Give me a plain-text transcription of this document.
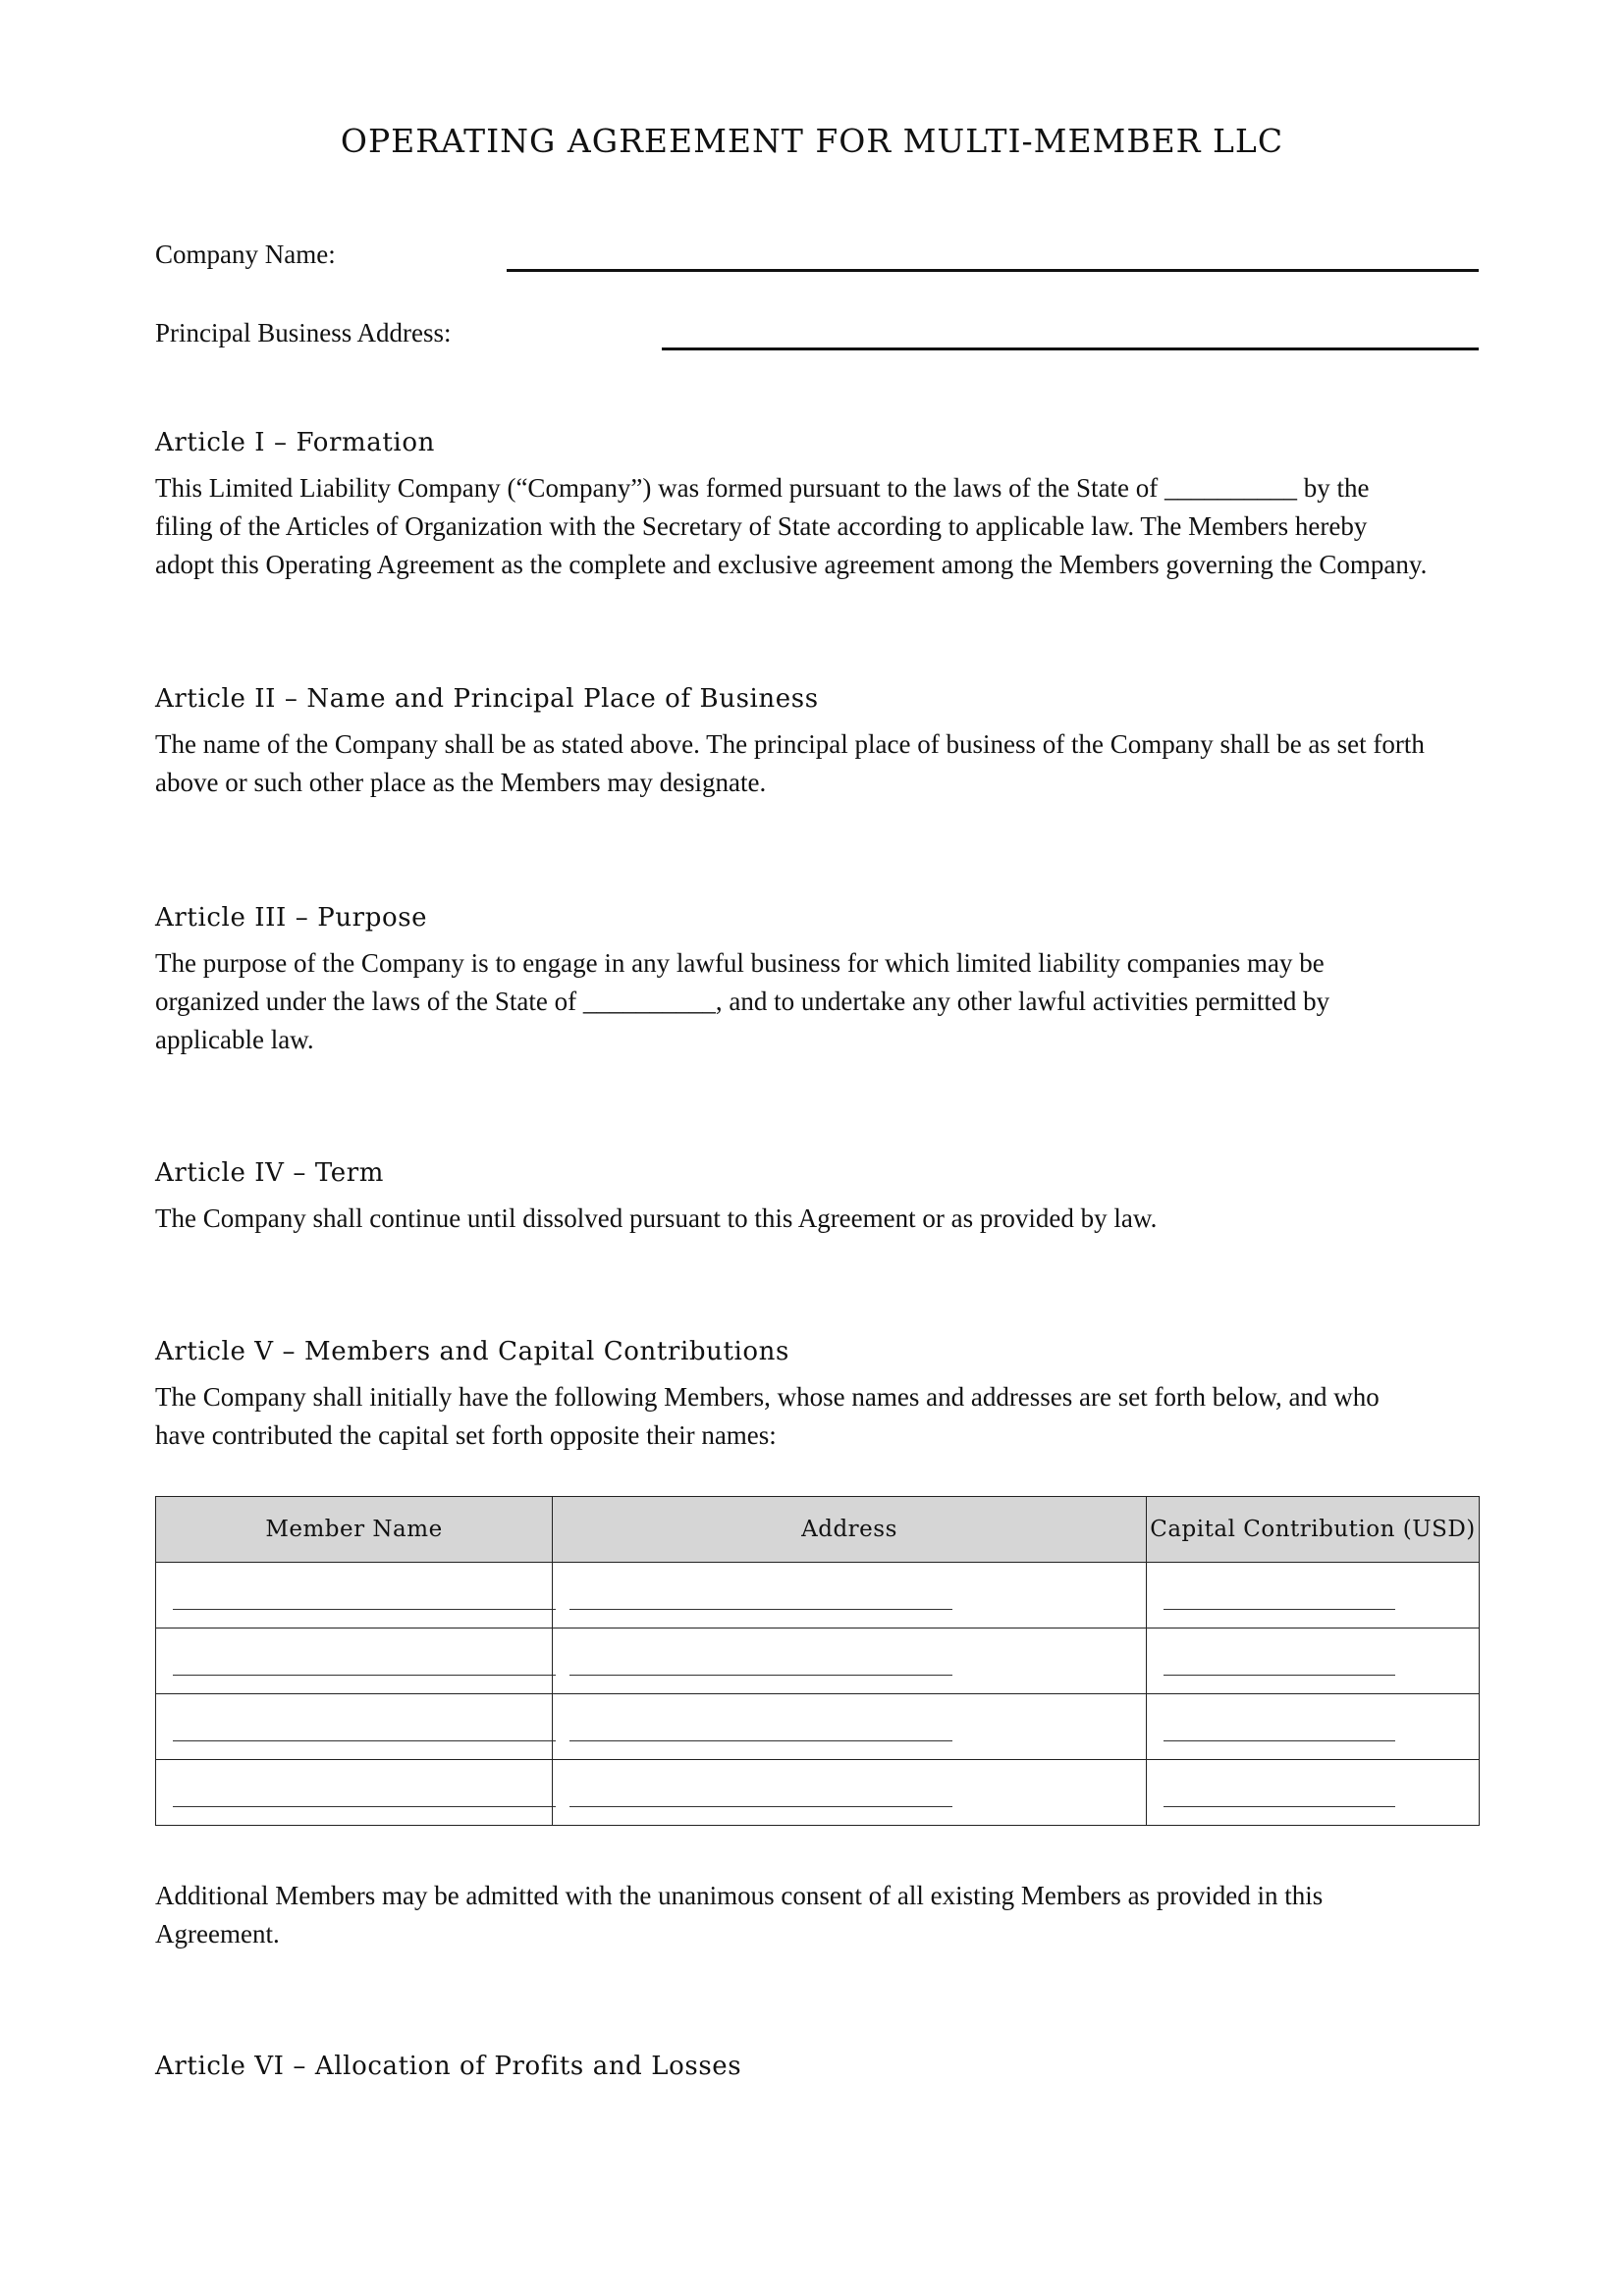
OPERATING AGREEMENT FOR MULTI-MEMBER LLC
Company Name:
Principal Business Address:
Article I – Formation

This Limited Liability Company (“Company”) was formed pursuant to the laws of the State of __________ by the
filing of the Articles of Organization with the Secretary of State according to applicable law. The Members hereby
adopt this Operating Agreement as the complete and exclusive agreement among the Members governing the Company.

Article II – Name and Principal Place of Business

The name of the Company shall be as stated above. The principal place of business of the Company shall be as set forth
above or such other place as the Members may designate.

Article III – Purpose

The purpose of the Company is to engage in any lawful business for which limited liability companies may be
organized under the laws of the State of __________, and to undertake any other lawful activities permitted by
applicable law.

Article IV – Term

The Company shall continue until dissolved pursuant to this Agreement or as provided by law.

Article V – Members and Capital Contributions

The Company shall initially have the following Members, whose names and addresses are set forth below, and who
have contributed the capital set forth opposite their names:

Member Name	Address	Capital Contribution (USD)

Additional Members may be admitted with the unanimous consent of all existing Members as provided in this
Agreement.

Article VI – Allocation of Profits and Losses
